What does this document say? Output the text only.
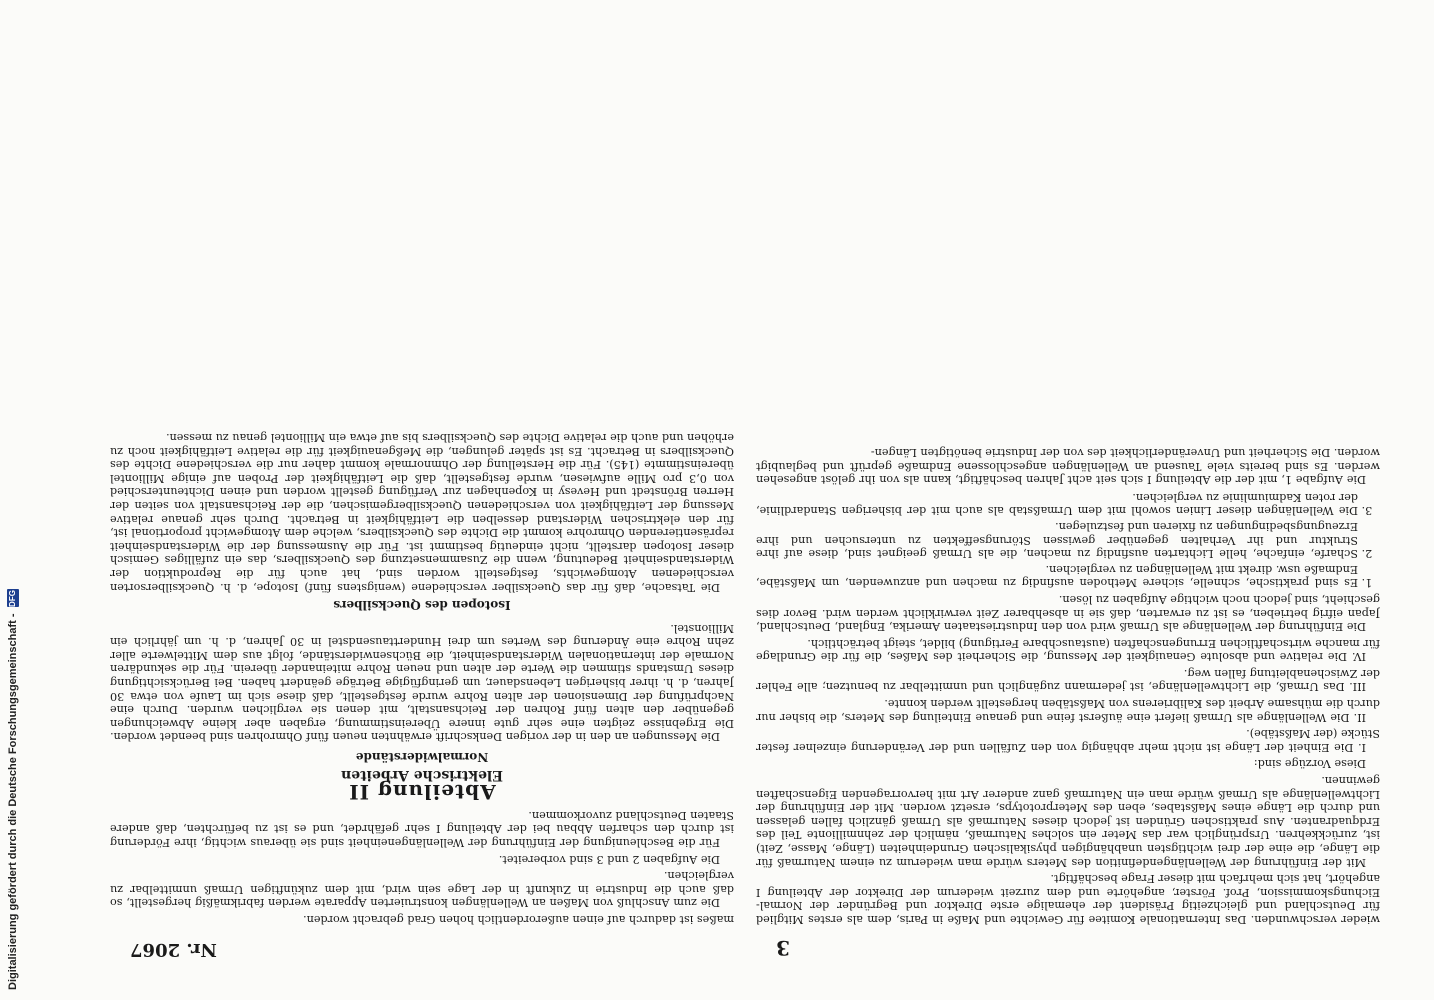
3
Nr. 2067

wieder verschwunden. Das Internationale Komitee für Gewichte und Maße in Paris, dem als erstes Mitglied für Deutschland und gleichzeitig Präsident der ehemalige erste Direktor und Begründer der Normal-Eichungskommission, Prof. Förster, angehörte und dem zurzeit wiederum der Direktor der Abteilung I angehört, hat sich mehrfach mit dieser Frage beschäftigt.

Mit der Einführung der Wellenlängendefinition des Meters würde man wiederum zu einem Naturmaß für die Länge, die eine der drei wichtigsten unabhängigen physikalischen Grundeinheiten (Länge, Masse, Zeit) ist, zurückkehren. Ursprünglich war das Meter ein solches Naturmaß, nämlich der zehnmillionte Teil des Erdquadranten. Aus praktischen Gründen ist jedoch dieses Naturmaß als Urmaß gänzlich fallen gelassen und durch die Länge eines Maßstabes, eben des Meterprototyps, ersetzt worden. Mit der Einführung der Lichtwellenlänge als Urmaß würde man ein Naturmaß ganz anderer Art mit hervorragenden Eigenschaften gewinnen.

Diese Vorzüge sind:

I. Die Einheit der Länge ist nicht mehr abhängig von den Zufällen und der Veränderung einzelner fester Stücke (der Maßstäbe).

II. Die Wellenlänge als Urmaß liefert eine äußerst feine und genaue Einteilung des Meters, die bisher nur durch die mühsame Arbeit des Kalibrierens von Maßstäben hergestellt werden konnte.

III. Das Urmaß, die Lichtwellenlänge, ist jedermann zugänglich und unmittelbar zu benutzen; alle Fehler der Zwischenableitung fallen weg.

IV. Die relative und absolute Genauigkeit der Messung, die Sicherheit des Maßes, die für die Grundlage für manche wirtschaftlichen Errungenschaften (austauschbare Fertigung) bildet, steigt beträchtlich.

Die Einführung der Wellenlänge als Urmaß wird von den Industriestaaten Amerika, England, Deutschland, Japan eifrig betrieben, es ist zu erwarten, daß sie in absehbarer Zeit verwirklicht werden wird. Bevor dies geschieht, sind jedoch noch wichtige Aufgaben zu lösen.

1. Es sind praktische, schnelle, sichere Methoden ausfindig zu machen und anzuwenden, um Maßstäbe, Endmaße usw. direkt mit Wellenlängen zu vergleichen.
2. Scharfe, einfache, helle Lichtarten ausfindig zu machen, die als Urmaß geeignet sind, diese auf ihre Struktur und ihr Verhalten gegenüber gewissen Störungseffekten zu untersuchen und ihre Erzeugungsbedingungen zu fixieren und festzulegen.
3. Die Wellenlängen dieser Linien sowohl mit dem Urmaßstab als auch mit der bisherigen Standardlinie, der roten Kadmiumlinie zu vergleichen.

Die Aufgabe 1, mit der die Abteilung I sich seit acht Jahren beschäftigt, kann als von ihr gelöst angesehen werden. Es sind bereits viele Tausend an Wellenlängen angeschlossene Endmaße geprüft und beglaubigt worden. Die Sicherheit und Unveränderlichkeit des von der Industrie benötigten Längen-

maßes ist dadurch auf einen außerordentlich hohen Grad gebracht worden.

Die zum Anschluß von Maßen an Wellenlängen konstruierten Apparate werden fabrikmäßig hergestellt, so daß auch die Industrie in Zukunft in der Lage sein wird, mit dem zukünftigen Urmaß unmittelbar zu vergleichen.

Die Aufgaben 2 und 3 sind vorbereitet.

Für die Beschleunigung der Einführung der Wellenlängeneinheit sind sie überaus wichtig, ihre Förderung ist durch den scharfen Abbau bei der Abteilung I sehr gefährdet, und es ist zu befürchten, daß andere Staaten Deutschland zuvorkommen.

Abteilung II
Elektrische Arbeiten
Normalwiderstände

Die Messungen an den in der vorigen Denkschrift erwähnten neuen fünf Ohmrohren sind beendet worden. Die Ergebnisse zeigten eine sehr gute innere Übereinstimmung, ergaben aber kleine Abweichungen gegenüber den alten fünf Rohren der Reichsanstalt, mit denen sie verglichen wurden. Durch eine Nachprüfung der Dimensionen der alten Rohre wurde festgestellt, daß diese sich im Laufe von etwa 30 Jahren, d. h. ihrer bisherigen Lebensdauer, um geringfügige Beträge geändert haben. Bei Berücksichtigung dieses Umstands stimmen die Werte der alten und neuen Rohre miteinander überein. Für die sekundären Normale der internationalen Widerstandseinheit, die Büchsenwiderstände, folgt aus dem Mittelwerte aller zehn Rohre eine Änderung des Wertes um drei Hunderttausendstel in 30 Jahren, d. h. um jährlich ein Millionstel.

Isotopen des Quecksilbers

Die Tatsache, daß für das Quecksilber verschiedene (wenigstens fünf) Isotope, d. h. Quecksilbersorten verschiedenen Atomgewichts, festgestellt worden sind, hat auch für die Reproduktion der Widerstandseinheit Bedeutung, wenn die Zusammensetzung des Quecksilbers, das ein zufälliges Gemisch dieser Isotopen darstellt, nicht eindeutig bestimmt ist. Für die Ausmessung der die Widerstandseinheit repräsentierenden Ohmrohre kommt die Dichte des Quecksilbers, welche dem Atomgewicht proportional ist, für den elektrischen Widerstand desselben die Leitfähigkeit in Betracht. Durch sehr genaue relative Messung der Leitfähigkeit von verschiedenen Quecksilbergemischen, die der Reichsanstalt von seiten der Herren Brönstedt und Hevesy in Kopenhagen zur Verfügung gestellt worden und einen Dichteunterschied von 0,3 pro Mille aufwiesen, wurde festgestellt, daß die Leitfähigkeit der Proben auf einige Milliontel übereinstimmte (145). Für die Herstellung der Ohmnormale kommt daher nur die verschiedene Dichte des Quecksilbers in Betracht. Es ist später gelungen, die Meßgenauigkeit für die relative Leitfähigkeit noch zu erhöhen und auch die relative Dichte des Quecksilbers bis auf etwa ein Milliontel genau zu messen.

Digitalisierung gefördert durch die Deutsche Forschungsgemeinschaft -
DFG
